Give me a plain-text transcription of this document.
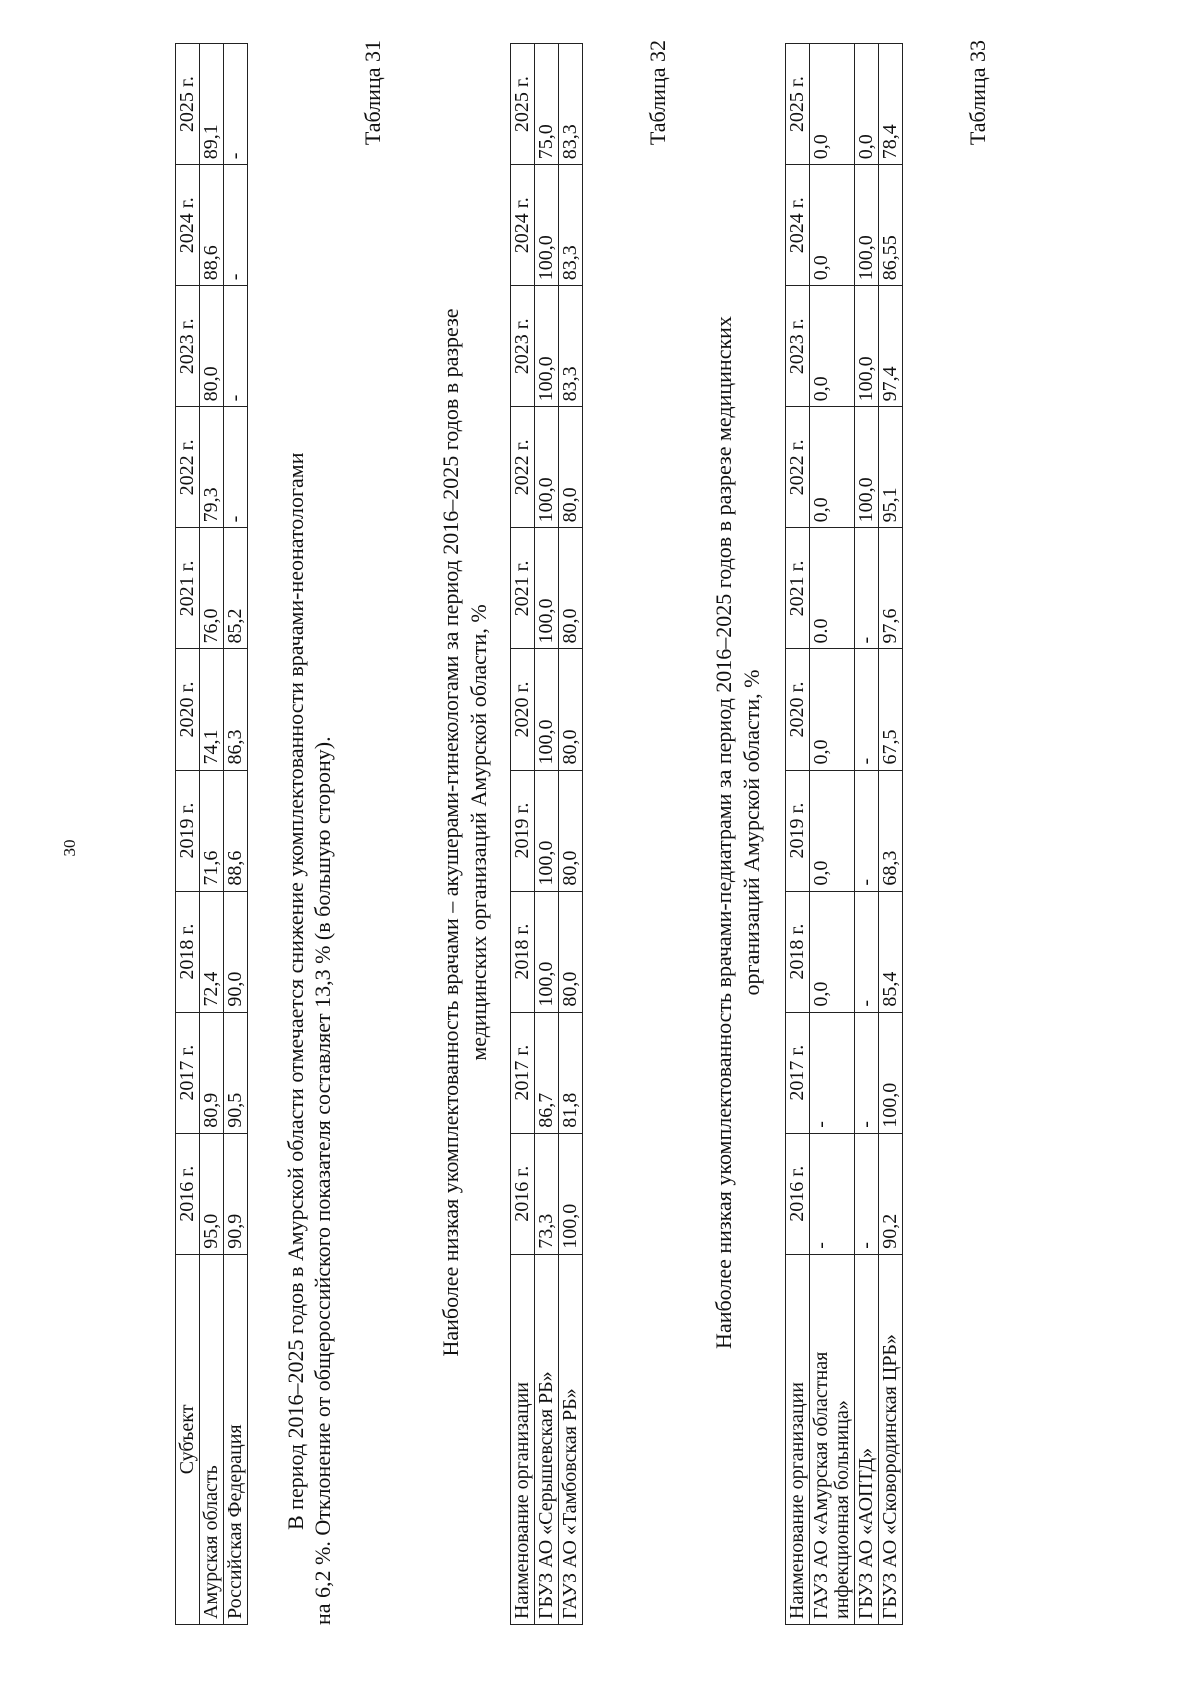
30
Субъект	2016 г.	2017 г.	2018 г.	2019 г.	2020 г.	2021 г.	2022 г.	2023 г.	2024 г.	2025 г.
Амурская область	95,0	80,9	72,4	71,6	74,1	76,0	79,3	80,0	88,6	89,1
Российская Федерация	90,9	90,5	90,0	88,6	86,3	85,2	-	-	-	-
В период 2016–2025 годов в Амурской области отмечается снижение укомплектованности врачами-неонатологами
на 6,2 %. Отклонение от общероссийского показателя составляет 13,3 % (в большую сторону).
Таблица 31
Наиболее низкая укомплектованность врачами – акушерами-гинекологами за период 2016–2025 годов в разрезе медицинских организаций Амурской области, %
Наименование организации	2016 г.	2017 г.	2018 г.	2019 г.	2020 г.	2021 г.	2022 г.	2023 г.	2024 г.	2025 г.
ГБУЗ АО «Серышевская РБ»	73,3	86,7	100,0	100,0	100,0	100,0	100,0	100,0	100,0	75,0
ГАУЗ АО «Тамбовская РБ»	100,0	81,8	80,0	80,0	80,0	80,0	80,0	83,3	83,3	83,3	Таблица 32
Наиболее низкая укомплектованность врачами-педиатрами за период 2016–2025 годов в разрезе медицинских организаций Амурской области, %
Наименование организации	2016 г.	2017 г.	2018 г.	2019 г.	2020 г.	2021 г.	2022 г.	2023 г.	2024 г.	2025 г.
ГАУЗ АО «Амурская областная инфекционная больница»	-	-	0,0	0,0	0,0	0.0	0,0	0,0	0,0	0,0
ГБУЗ АО «АОПТД»	-	-	-	-	-	-	100,0	100,0	100,0	0,0
ГБУЗ АО «Сковородинская ЦРБ»	90,2	100,0	85,4	68,3	67,5	97,6	95,1	97,4	86,55	78,4	Таблица 33
